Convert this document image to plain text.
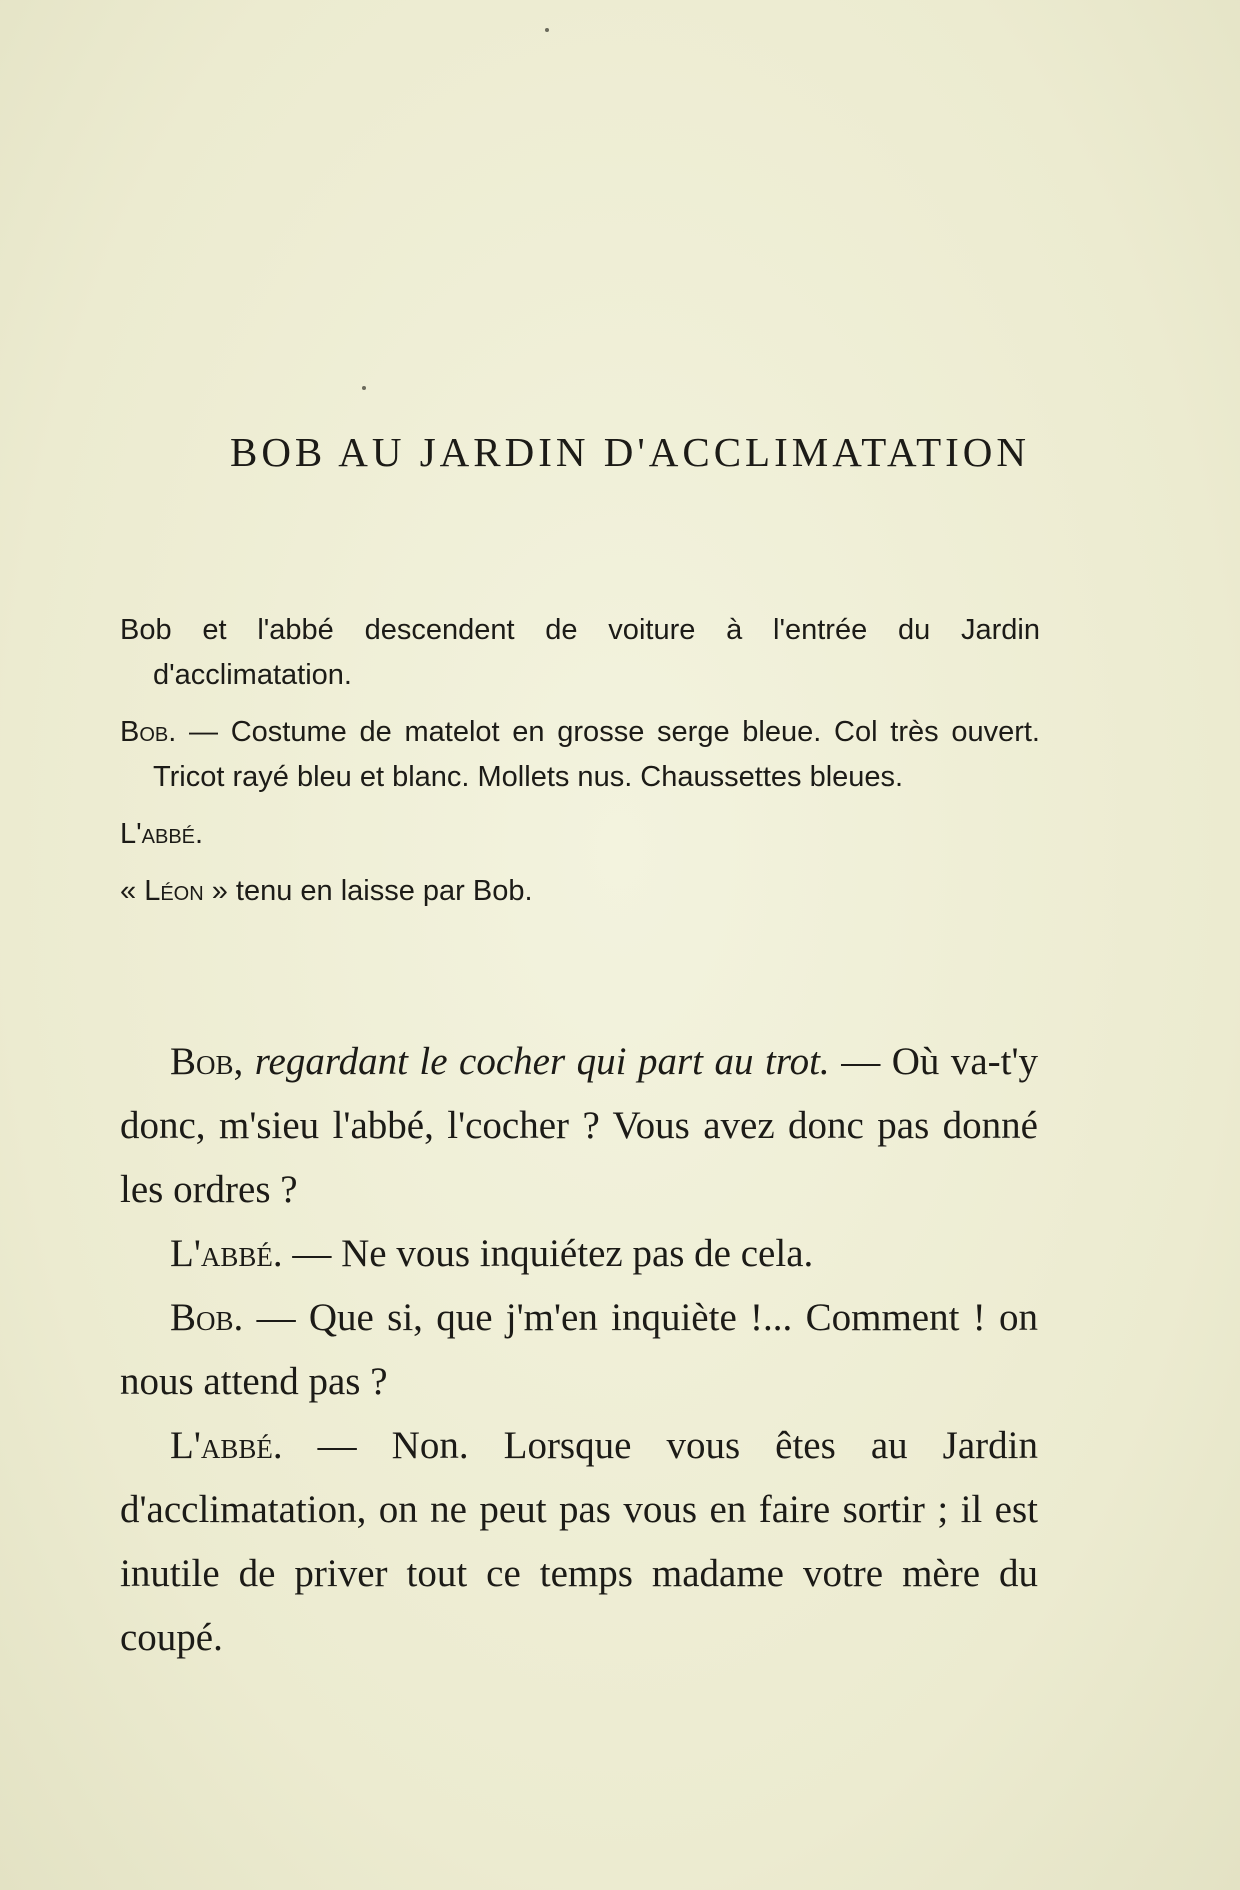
BOB AU JARDIN D'ACCLIMATATION

Bob et l'abbé descendent de voiture à l'entrée du Jardin d'acclimatation.

Bob. — Costume de matelot en grosse serge bleue. Col très ouvert. Tricot rayé bleu et blanc. Mollets nus. Chaussettes bleues.

L'abbé.

« Léon » tenu en laisse par Bob.

Bob, regardant le cocher qui part au trot. — Où va-t'y donc, m'sieu l'abbé, l'cocher ? Vous avez donc pas donné les ordres ?

L'abbé. — Ne vous inquiétez pas de cela.

Bob. — Que si, que j'm'en inquiète !... Comment ! on nous attend pas ?

L'abbé. — Non. Lorsque vous êtes au Jardin d'acclimatation, on ne peut pas vous en faire sortir ; il est inutile de priver tout ce temps madame votre mère du coupé.
